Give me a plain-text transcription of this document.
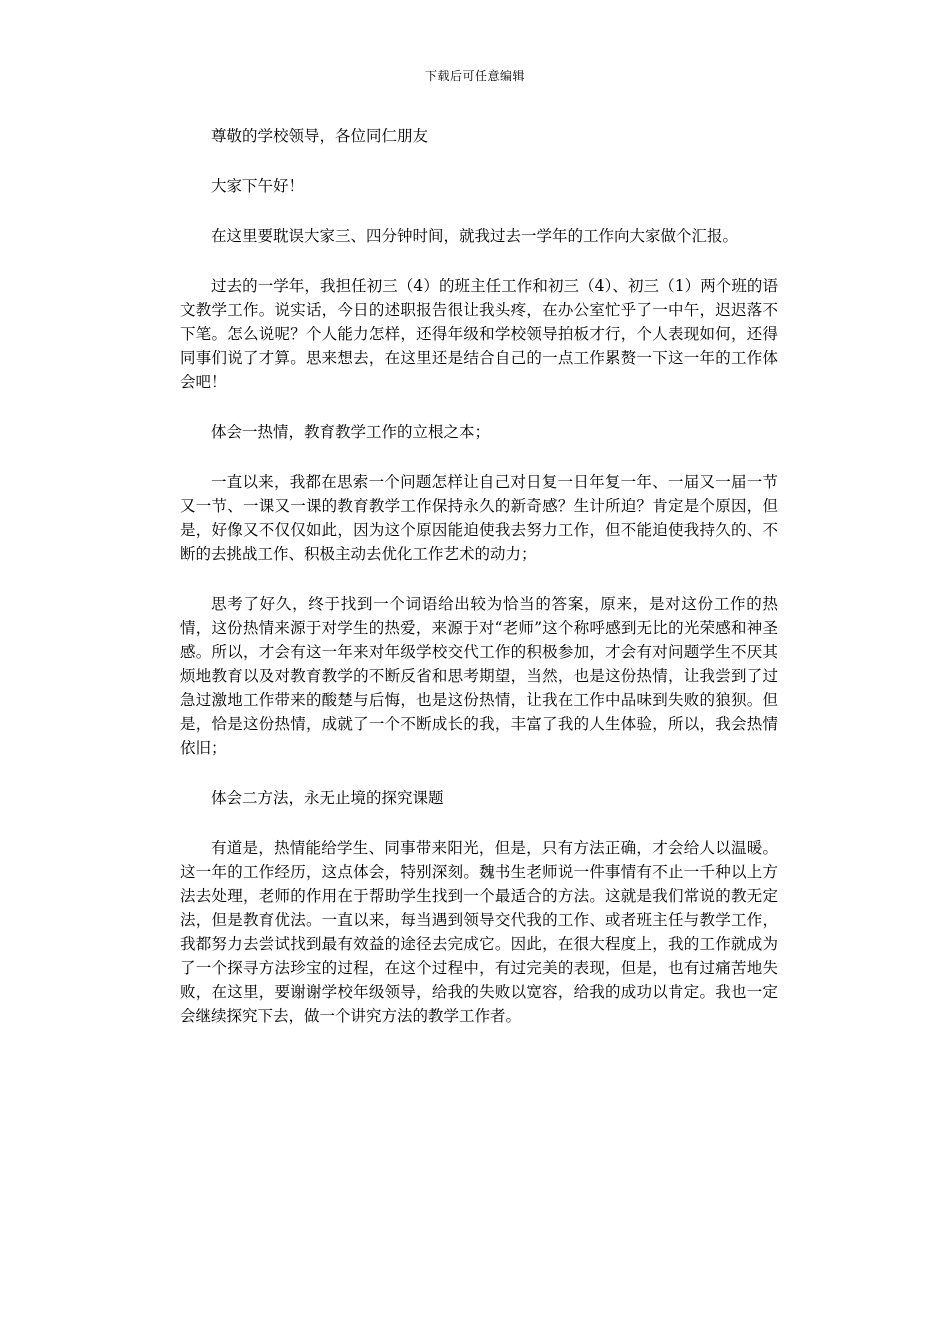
下载后可任意编辑

尊敬的学校领导，各位同仁朋友

大家下午好！

在这里要耽误大家三、四分钟时间，就我过去一学年的工作向大家做个汇报。

过去的一学年，我担任初三（4）的班主任工作和初三（4）、初三（1）两个班的语文教学工作。说实话，今日的述职报告很让我头疼，在办公室忙乎了一中午，迟迟落不下笔。怎么说呢？个人能力怎样，还得年级和学校领导拍板才行，个人表现如何，还得同事们说了才算。思来想去，在这里还是结合自己的一点工作累赘一下这一年的工作体会吧！

体会一热情，教育教学工作的立根之本；

一直以来，我都在思索一个问题怎样让自己对日复一日年复一年、一届又一届一节又一节、一课又一课的教育教学工作保持永久的新奇感？生计所迫？肯定是个原因，但是，好像又不仅仅如此，因为这个原因能迫使我去努力工作，但不能迫使我持久的、不断的去挑战工作、积极主动去优化工作艺术的动力；

思考了好久，终于找到一个词语给出较为恰当的答案，原来，是对这份工作的热情，这份热情来源于对学生的热爱，来源于对“老师”这个称呼感到无比的光荣感和神圣感。所以，才会有这一年来对年级学校交代工作的积极参加，才会有对问题学生不厌其烦地教育以及对教育教学的不断反省和思考期望，当然，也是这份热情，让我尝到了过急过激地工作带来的酸楚与后悔，也是这份热情，让我在工作中品味到失败的狼狈。但是，恰是这份热情，成就了一个不断成长的我，丰富了我的人生体验，所以，我会热情依旧；

体会二方法，永无止境的探究课题

有道是，热情能给学生、同事带来阳光，但是，只有方法正确，才会给人以温暖。这一年的工作经历，这点体会，特别深刻。魏书生老师说一件事情有不止一千种以上方法去处理，老师的作用在于帮助学生找到一个最适合的方法。这就是我们常说的教无定法，但是教育优法。一直以来，每当遇到领导交代我的工作、或者班主任与教学工作，我都努力去尝试找到最有效益的途径去完成它。因此，在很大程度上，我的工作就成为了一个探寻方法珍宝的过程，在这个过程中，有过完美的表现，但是，也有过痛苦地失败，在这里，要谢谢学校年级领导，给我的失败以宽容，给我的成功以肯定。我也一定会继续探究下去，做一个讲究方法的教学工作者。
